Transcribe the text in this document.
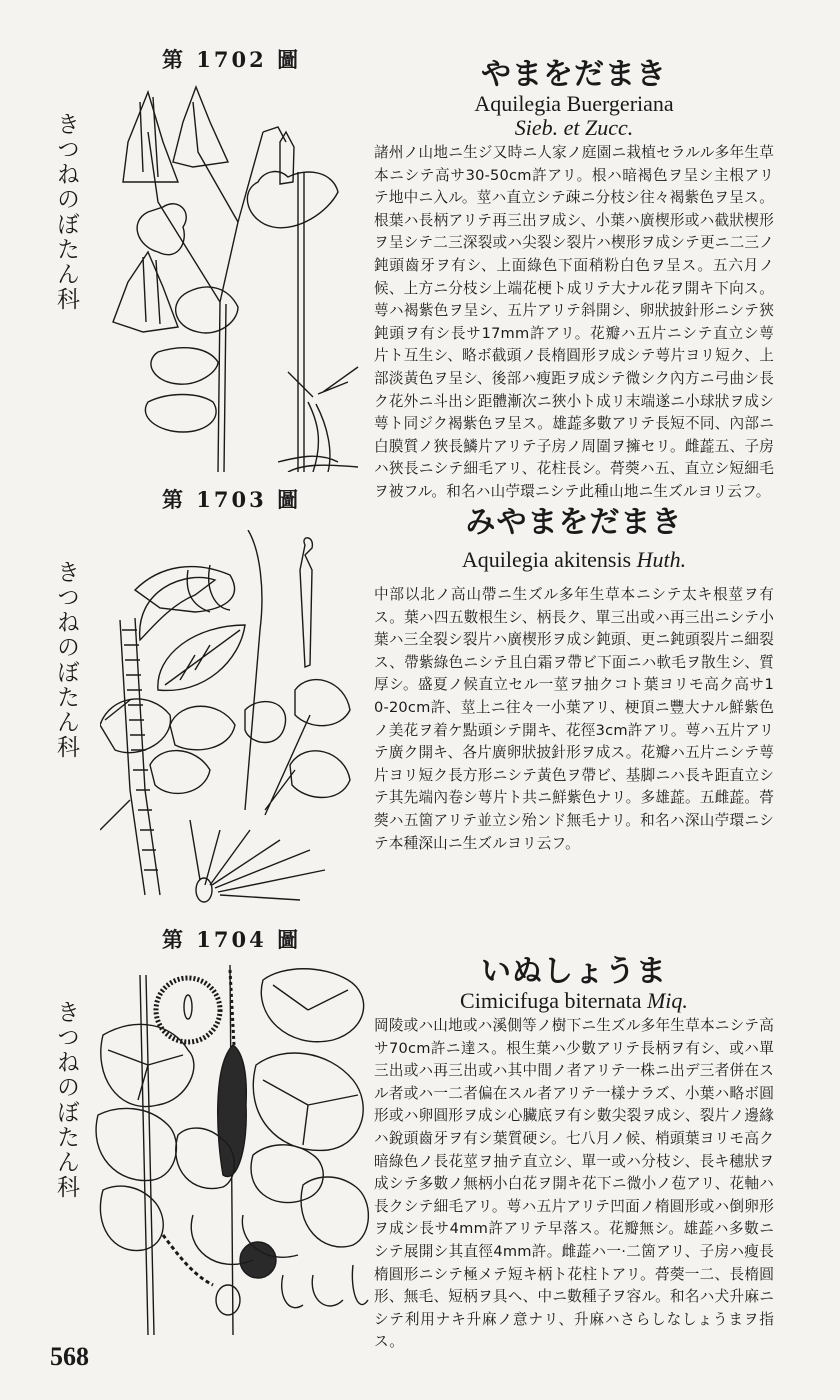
第 1702 圖
きつねのぼたん科
やまをだまき
Aquilegia Buergeriana
Sieb. et Zucc.
諸州ノ山地ニ生ジ又時ニ人家ノ庭園ニ栽植セラルル多年生草本ニシテ高サ30-50cm許アリ。根ハ暗褐色ヲ呈シ主根アリテ地中ニ入ル。莖ハ直立シテ疎ニ分枝シ往々褐紫色ヲ呈ス。根葉ハ長柄アリテ再三出ヲ成シ、小葉ハ廣楔形或ハ截狀楔形ヲ呈シテ二三深裂或ハ尖裂シ裂片ハ楔形ヲ成シテ更ニ二三ノ鈍頭齒牙ヲ有シ、上面綠色下面稍粉白色ヲ呈ス。五六月ノ候、上方ニ分枝シ上端花梗ト成リテ大ナル花ヲ開キ下向ス。萼ハ褐紫色ヲ呈シ、五片アリテ斜開シ、卵狀披針形ニシテ狹鈍頭ヲ有シ長サ17mm許アリ。花瓣ハ五片ニシテ直立シ萼片ト互生シ、略ボ截頭ノ長楕圓形ヲ成シテ萼片ヨリ短ク、上部淡黃色ヲ呈シ、後部ハ瘦距ヲ成シテ微シク內方ニ弓曲シ長ク花外ニ斗出シ距體漸次ニ狹小ト成リ末端遂ニ小球狀ヲ成シ萼ト同ジク褐紫色ヲ呈ス。雄蕋多數アリテ長短不同、內部ニ白膜質ノ狹長鱗片アリテ子房ノ周圍ヲ擁セリ。雌蕋五、子房ハ狹長ニシテ細毛アリ、花柱長シ。蓇葖ハ五、直立シ短細毛ヲ被フル。和名ハ山苧環ニシテ此種山地ニ生ズルヨリ云フ。
第 1703 圖
きつねのぼたん科
みやまをだまき
Aquilegia akitensis Huth.
中部以北ノ高山帶ニ生ズル多年生草本ニシテ太キ根莖ヲ有ス。葉ハ四五數根生シ、柄長ク、單三出或ハ再三出ニシテ小葉ハ三全裂シ裂片ハ廣楔形ヲ成シ鈍頭、更ニ鈍頭裂片ニ細裂ス、帶紫綠色ニシテ且白霜ヲ帶ビ下面ニハ軟毛ヲ散生シ、質厚シ。盛夏ノ候直立セル一莖ヲ抽クコト葉ヨリモ高ク高サ10-20cm許、莖上ニ往々一小葉アリ、梗頂ニ豐大ナル鮮紫色ノ美花ヲ着ケ點頭シテ開キ、花徑3cm許アリ。萼ハ五片アリテ廣ク開キ、各片廣卵狀披針形ヲ成ス。花瓣ハ五片ニシテ萼片ヨリ短ク長方形ニシテ黃色ヲ帶ビ、基脚ニハ長キ距直立シテ其先端內卷シ萼片ト共ニ鮮紫色ナリ。多雄蕋。五雌蕋。蓇葖ハ五箇アリテ並立シ殆ンド無毛ナリ。和名ハ深山苧環ニシテ本種深山ニ生ズルヨリ云フ。
第 1704 圖
きつねのぼたん科
いぬしょうま
Cimicifuga biternata Miq.
岡陵或ハ山地或ハ溪側等ノ樹下ニ生ズル多年生草本ニシテ高サ70cm許ニ達ス。根生葉ハ少數アリテ長柄ヲ有シ、或ハ單三出或ハ再三出或ハ其中間ノ者アリテ一株ニ出デ三者併在スル者或ハ一二者偏在スル者アリテ一樣ナラズ、小葉ハ略ボ圓形或ハ卵圓形ヲ成シ心臟底ヲ有シ數尖裂ヲ成シ、裂片ノ邊緣ハ銳頭齒牙ヲ有シ葉質硬シ。七八月ノ候、梢頭葉ヨリモ高ク暗綠色ノ長花莖ヲ抽テ直立シ、單一或ハ分枝シ、長キ穗狀ヲ成シテ多數ノ無柄小白花ヲ開キ花下ニ微小ノ苞アリ、花軸ハ長クシテ細毛アリ。萼ハ五片アリテ凹面ノ楕圓形或ハ倒卵形ヲ成シ長サ4mm許アリテ早落ス。花瓣無シ。雄蕋ハ多數ニシテ展開シ其直徑4mm許。雌蕋ハ一·二箇アリ、子房ハ瘦長楕圓形ニシテ極メテ短キ柄ト花柱トアリ。蓇葖一二、長楕圓形、無毛、短柄ヲ具ヘ、中ニ數種子ヲ容ル。和名ハ犬升麻ニシテ利用ナキ升麻ノ意ナリ、升麻ハさらしなしょうまヲ指ス。
568
